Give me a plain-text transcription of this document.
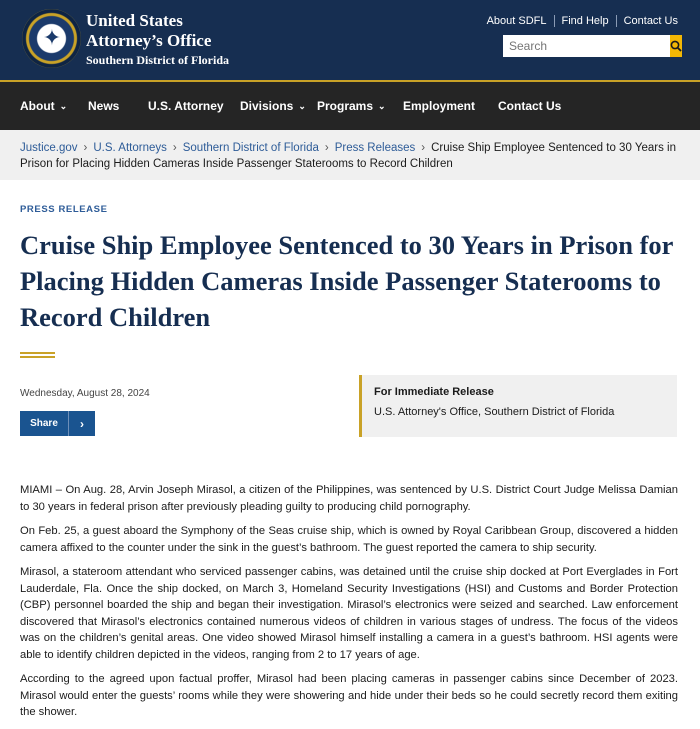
✦
United States
Attorney’s Office
Southern District of Florida
About SDFL	Find Help	Contact Us
Search
About ⌄ News U.S. Attorney Divisions ⌄ Programs ⌄ Employment Contact Us
Justice.gov › U.S. Attorneys › Southern District of Florida › Press Releases › Cruise Ship Employee Sentenced to 30 Years in Prison for Placing Hidden Cameras Inside Passenger Staterooms to Record Children
PRESS RELEASE
Cruise Ship Employee Sentenced to 30 Years in Prison for Placing Hidden Cameras Inside Passenger Staterooms to Record Children
Wednesday, August 28, 2024
Share	›
For Immediate Release
U.S. Attorney's Office, Southern District of Florida

MIAMI – On Aug. 28, Arvin Joseph Mirasol, a citizen of the Philippines, was sentenced by U.S. District Court Judge Melissa Damian to 30 years in federal prison after previously pleading guilty to producing child pornography.

On Feb. 25, a guest aboard the Symphony of the Seas cruise ship, which is owned by Royal Caribbean Group, discovered a hidden camera affixed to the counter under the sink in the guest’s bathroom. The guest reported the camera to ship security.

Mirasol, a stateroom attendant who serviced passenger cabins, was detained until the cruise ship docked at Port Everglades in Fort Lauderdale, Fla. Once the ship docked, on March 3, Homeland Security Investigations (HSI) and Customs and Border Protection (CBP) personnel boarded the ship and began their investigation. Mirasol’s electronics were seized and searched. Law enforcement discovered that Mirasol’s electronics contained numerous videos of children in various stages of undress. The focus of the videos was on the children’s genital areas. One video showed Mirasol himself installing a camera in a guest’s bathroom. HSI agents were able to identify children depicted in the videos, ranging from 2 to 17 years of age.

According to the agreed upon factual proffer, Mirasol had been placing cameras in passenger cabins since December of 2023. Mirasol would enter the guests’ rooms while they were showering and hide under their beds so he could secretly record them exiting the shower.
